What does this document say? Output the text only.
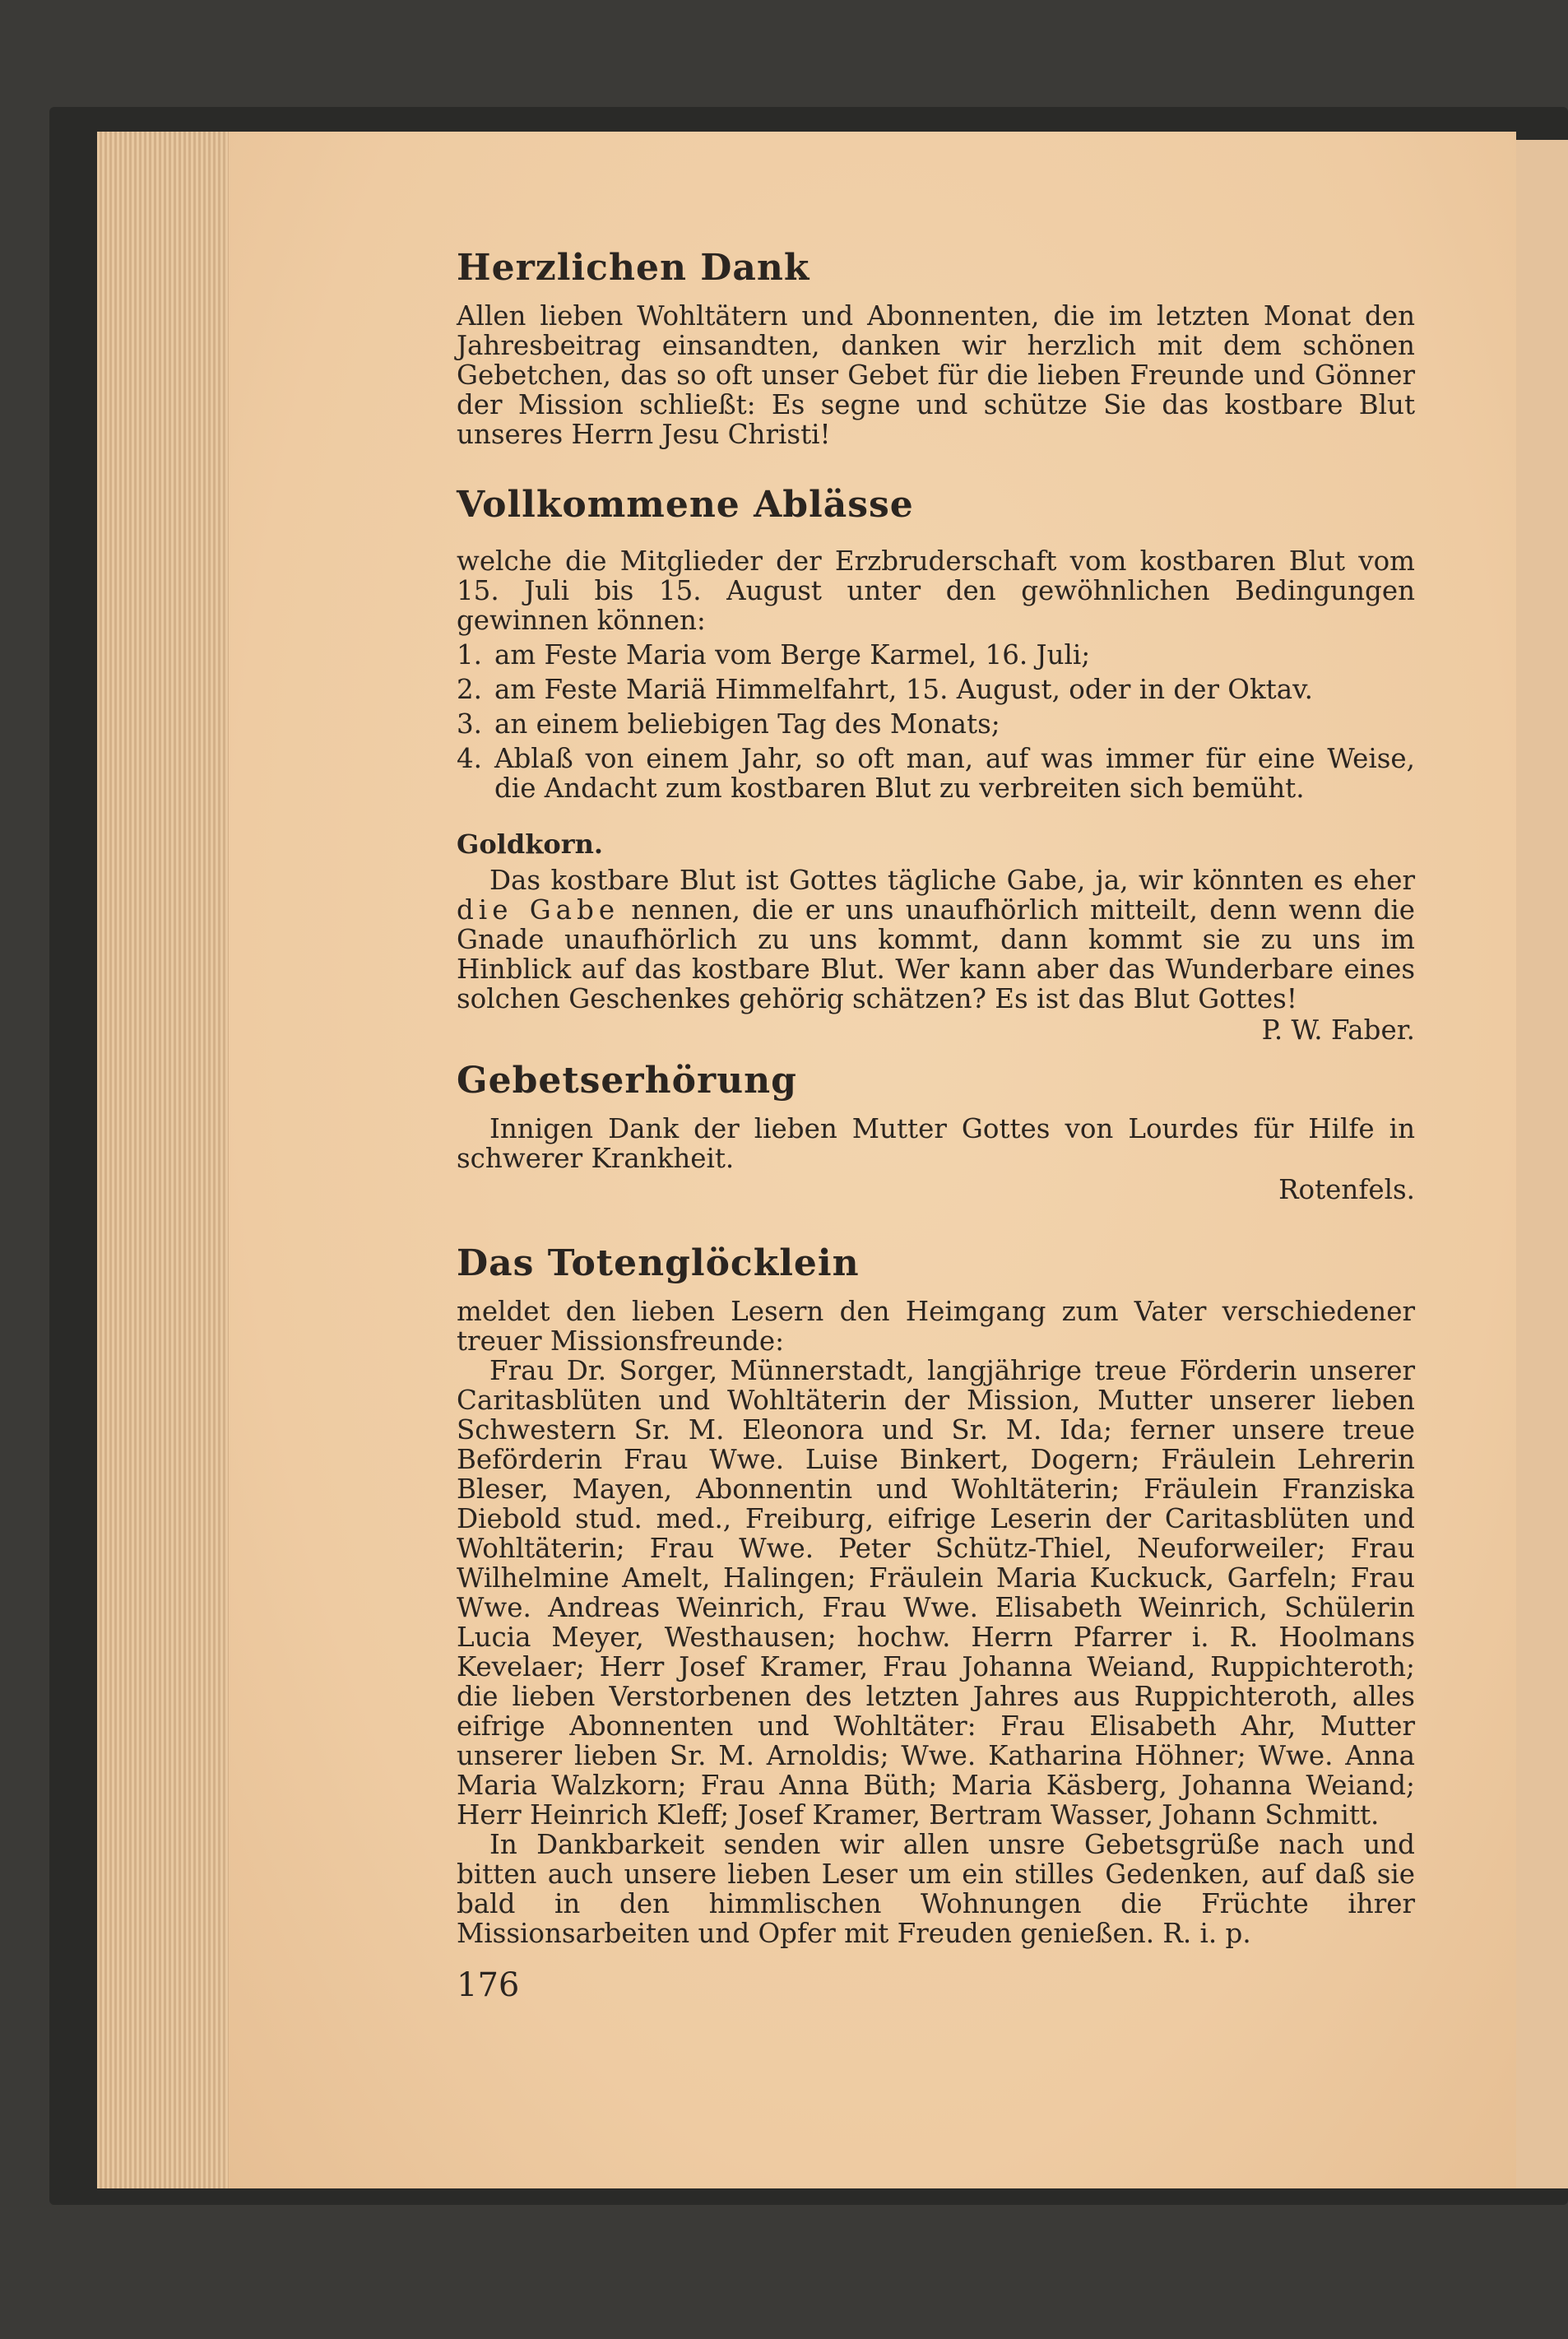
Herzlichen Dank

Allen lieben Wohltätern und Abonnenten, die im letzten Monat den Jahresbeitrag einsandten, danken wir herzlich mit dem schönen Gebetchen, das so oft unser Gebet für die lieben Freunde und Gönner der Mission schließt: Es segne und schütze Sie das kostbare Blut unseres Herrn Jesu Christi!

Vollkommene Ablässe

welche die Mitglieder der Erzbruderschaft vom kostbaren Blut vom 15. Juli bis 15. August unter den gewöhnlichen Bedingungen gewinnen können:

1. am Feste Maria vom Berge Karmel, 16. Juli;
2. am Feste Mariä Himmelfahrt, 15. August, oder in der Oktav.
3. an einem beliebigen Tag des Monats;
4. Ablaß von einem Jahr, so oft man, auf was immer für eine Weise, die Andacht zum kostbaren Blut zu verbreiten sich bemüht.
Goldkorn.

Das kostbare Blut ist Gottes tägliche Gabe, ja, wir könnten es eher die Gabe nennen, die er uns unaufhörlich mitteilt, denn wenn die Gnade unaufhörlich zu uns kommt, dann kommt sie zu uns im Hinblick auf das kostbare Blut. Wer kann aber das Wunderbare eines solchen Geschenkes gehörig schätzen? Es ist das Blut Gottes!

P. W. Faber.

Gebetserhörung

Innigen Dank der lieben Mutter Gottes von Lourdes für Hilfe in schwerer Krankheit.

Rotenfels.

Das Totenglöcklein

meldet den lieben Lesern den Heimgang zum Vater verschiedener treuer Missionsfreunde:

Frau Dr. Sorger, Münnerstadt, langjährige treue Förderin unserer Caritasblüten und Wohltäterin der Mission, Mutter unserer lieben Schwestern Sr. M. Eleonora und Sr. M. Ida; ferner unsere treue Beförderin Frau Wwe. Luise Binkert, Dogern; Fräulein Lehrerin Bleser, Mayen, Abonnentin und Wohltäterin; Fräulein Franziska Diebold stud. med., Freiburg, eifrige Leserin der Caritasblüten und Wohltäterin; Frau Wwe. Peter Schütz-Thiel, Neuforweiler; Frau Wilhelmine Amelt, Halingen; Fräulein Maria Kuckuck, Garfeln; Frau Wwe. Andreas Weinrich, Frau Wwe. Elisabeth Weinrich, Schülerin Lucia Meyer, Westhausen; hochw. Herrn Pfarrer i. R. Hoolmans Kevelaer; Herr Josef Kramer, Frau Johanna Weiand, Ruppichteroth; die lieben Verstorbenen des letzten Jahres aus Ruppichteroth, alles eifrige Abonnenten und Wohltäter: Frau Elisabeth Ahr, Mutter unserer lieben Sr. M. Arnoldis; Wwe. Katharina Höhner; Wwe. Anna Maria Walzkorn; Frau Anna Büth; Maria Käsberg, Johanna Weiand; Herr Heinrich Kleff; Josef Kramer, Bertram Wasser, Johann Schmitt.

In Dankbarkeit senden wir allen unsre Gebetsgrüße nach und bitten auch unsere lieben Leser um ein stilles Gedenken, auf daß sie bald in den himmlischen Wohnungen die Früchte ihrer Missionsarbeiten und Opfer mit Freuden genießen. R. i. p.

176
